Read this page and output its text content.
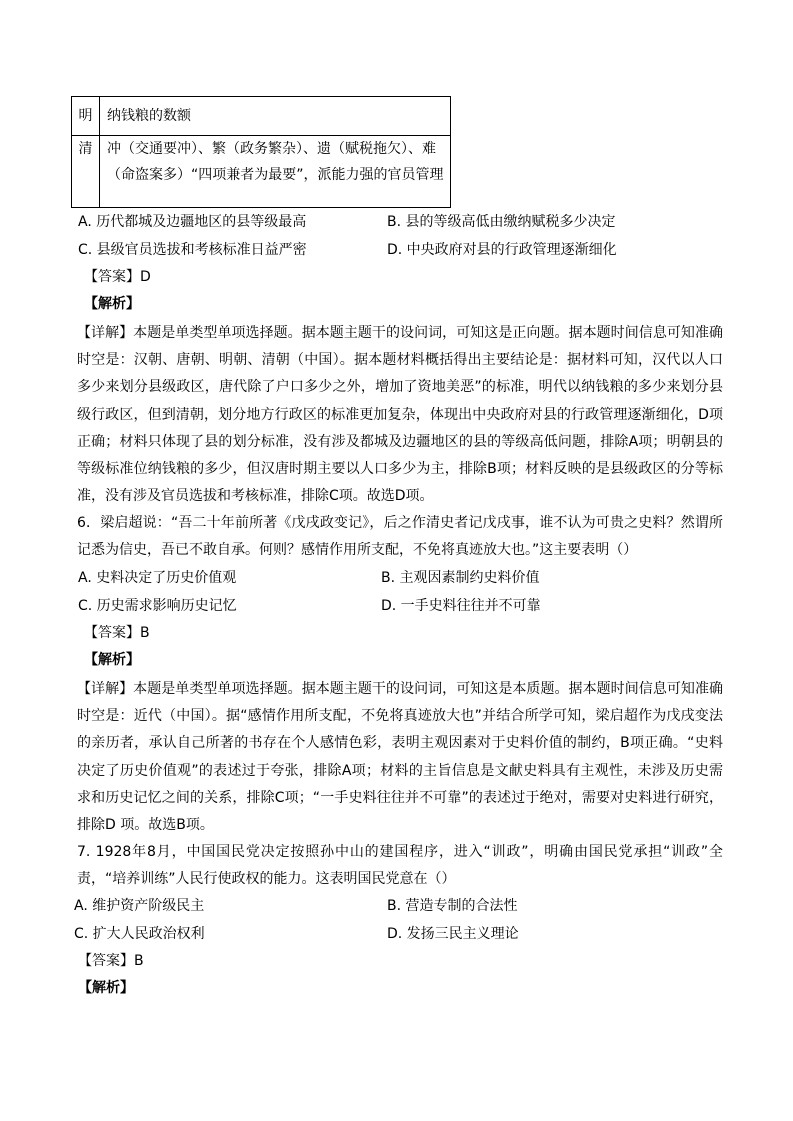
明	纳钱粮的数额
清	冲（交通要冲）、繁（政务繁杂）、遗（赋税拖欠）、难
（命盗案多）“四项兼者为最要”，派能力强的官员管理
A. 历代都城及边疆地区的县等级最高	B. 县的等级高低由缴纳赋税多少决定
C. 县级官员选拔和考核标准日益严密	D. 中央政府对县的行政管理逐渐细化
【答案】D
【解析】
【详解】本题是单类型单项选择题。据本题主题干的设问词，可知这是正向题。据本题时间信息可知准确时空是：汉朝、唐朝、明朝、清朝（中国）。据本题材料概括得出主要结论是：据材料可知，汉代以人口多少来划分县级政区，唐代除了户口多少之外，增加了资地美恶”的标准，明代以纳钱粮的多少来划分县级行政区，但到清朝，划分地方行政区的标准更加复杂，体现出中央政府对县的行政管理逐渐细化，D项正确；材料只体现了县的划分标准，没有涉及都城及边疆地区的县的等级高低问题，排除A项；明朝县的等级标准位纳钱粮的多少，但汉唐时期主要以人口多少为主，排除B项；材料反映的是县级政区的分等标准，没有涉及官员选拔和考核标准，排除C项。故选D项。
6．梁启超说：“吾二十年前所著《戊戌政变记》，后之作清史者记戊戌事，谁不认为可贵之史料？然谓所记悉为信史，吾已不敢自承。何则？感情作用所支配，不免将真迹放大也。”这主要表明（）
A. 史料决定了历史价值观	B. 主观因素制约史料价值
C. 历史需求影响历史记忆	D. 一手史料往往并不可靠
【答案】B
【解析】
【详解】本题是单类型单项选择题。据本题主题干的设问词，可知这是本质题。据本题时间信息可知准确时空是：近代（中国）。据“感情作用所支配，不免将真迹放大也”并结合所学可知，梁启超作为戊戌变法的亲历者，承认自己所著的书存在个人感情色彩，表明主观因素对于史料价值的制约，B项正确。“史料决定了历史价值观”的表述过于夸张，排除A项；材料的主旨信息是文献史料具有主观性，未涉及历史需求和历史记忆之间的关系，排除C项；“一手史料往往并不可靠”的表述过于绝对，需要对史料进行研究，排除D 项。故选B项。
7. 1928年8月，中国国民党决定按照孙中山的建国程序，进入“训政”，明确由国民党承担“训政”全责，“培养训练”人民行使政权的能力。这表明国民党意在（）
A. 维护资产阶级民主	B. 营造专制的合法性
C. 扩大人民政治权利	D. 发扬三民主义理论
【答案】B
【解析】
